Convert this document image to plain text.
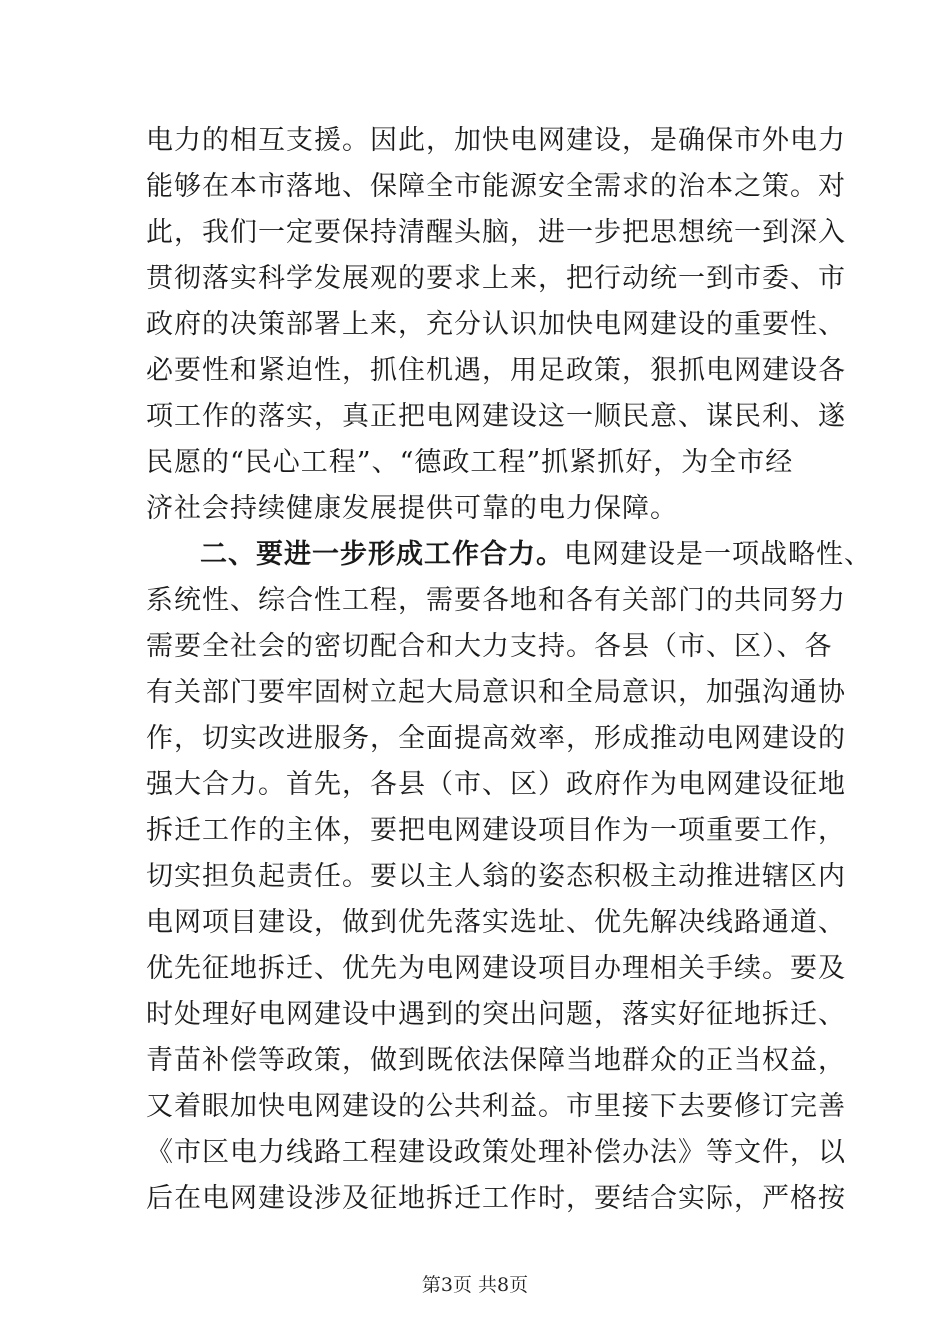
电力的相互支援。因此，加快电网建设，是确保市外电力
能够在本市落地、保障全市能源安全需求的治本之策。对
此，我们一定要保持清醒头脑，进一步把思想统一到深入
贯彻落实科学发展观的要求上来，把行动统一到市委、市
政府的决策部署上来，充分认识加快电网建设的重要性、
必要性和紧迫性，抓住机遇，用足政策，狠抓电网建设各
项工作的落实，真正把电网建设这一顺民意、谋民利、遂
民愿的“民心工程”、“德政工程”抓紧抓好，为全市经
济社会持续健康发展提供可靠的电力保障。
二、要进一步形成工作合力。电网建设是一项战略性、
系统性、综合性工程，需要各地和各有关部门的共同努力
需要全社会的密切配合和大力支持。各县（市、区）、各
有关部门要牢固树立起大局意识和全局意识，加强沟通协
作，切实改进服务，全面提高效率，形成推动电网建设的
强大合力。首先，各县（市、区）政府作为电网建设征地
拆迁工作的主体，要把电网建设项目作为一项重要工作，
切实担负起责任。要以主人翁的姿态积极主动推进辖区内
电网项目建设，做到优先落实选址、优先解决线路通道、
优先征地拆迁、优先为电网建设项目办理相关手续。要及
时处理好电网建设中遇到的突出问题，落实好征地拆迁、
青苗补偿等政策，做到既依法保障当地群众的正当权益，
又着眼加快电网建设的公共利益。市里接下去要修订完善
《市区电力线路工程建设政策处理补偿办法》等文件，以
后在电网建设涉及征地拆迁工作时，要结合实际，严格按
第3页 共8页
